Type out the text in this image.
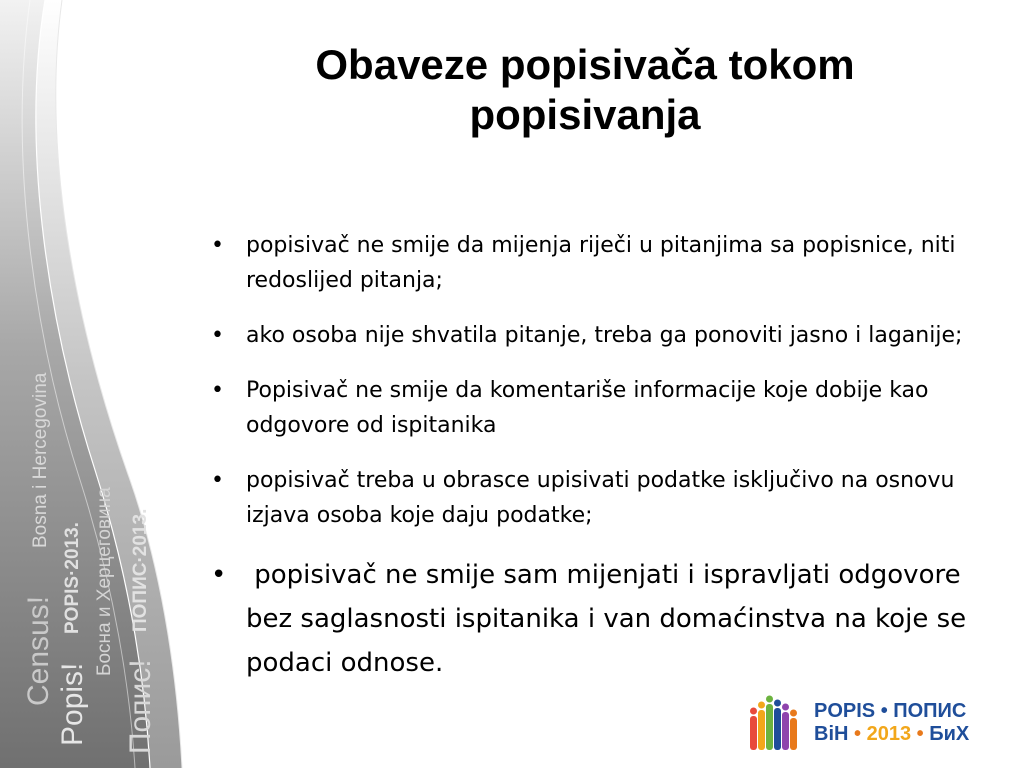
Census!
Bosna i Hercegovina
Popis!
POPIS·2013. Босна и Херцеговина
Попис!
ПОПИС·2013.
Obaveze popisivača tokom popisivanja
• popisivač ne smije da mijenja riječi u pitanjima sa popisnice, niti redoslijed pitanja;
• ako osoba nije shvatila pitanje, treba ga ponoviti jasno i laganije;
• Popisivač ne smije da komentariše informacije koje dobije kao odgovore od ispitanika
• popisivač treba u obrasce upisivati podatke isključivo na osnovu izjava osoba koje daju podatke;
• popisivač ne smije sam mijenjati i ispravljati odgovore bez saglasnosti ispitanika i van domaćinstva na koje se podaci odnose.
POPIS • ПОПИС
BiH • 2013 • БиХ
